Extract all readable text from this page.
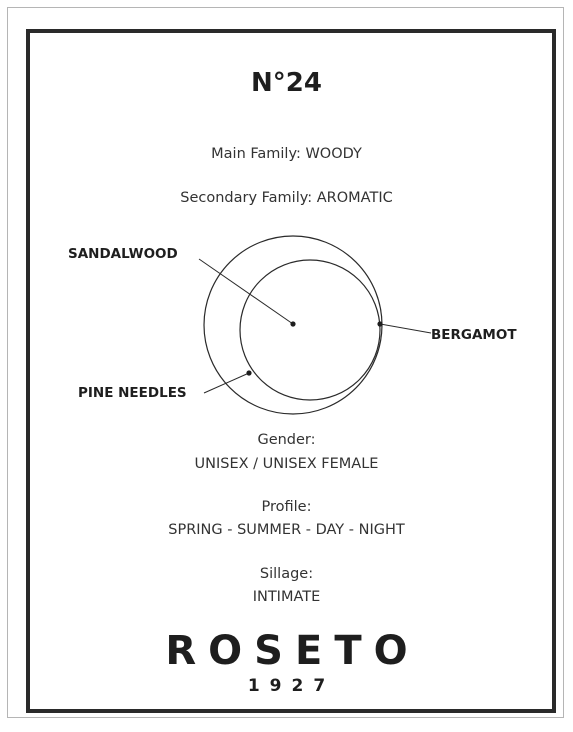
N°24
Main Family: WOODY
Secondary Family: AROMATIC
SANDALWOOD
BERGAMOT
PINE NEEDLES
Gender:
UNISEX / UNISEX FEMALE
Profile:
SPRING - SUMMER - DAY - NIGHT
Sillage:
INTIMATE
ROSETO
1927
